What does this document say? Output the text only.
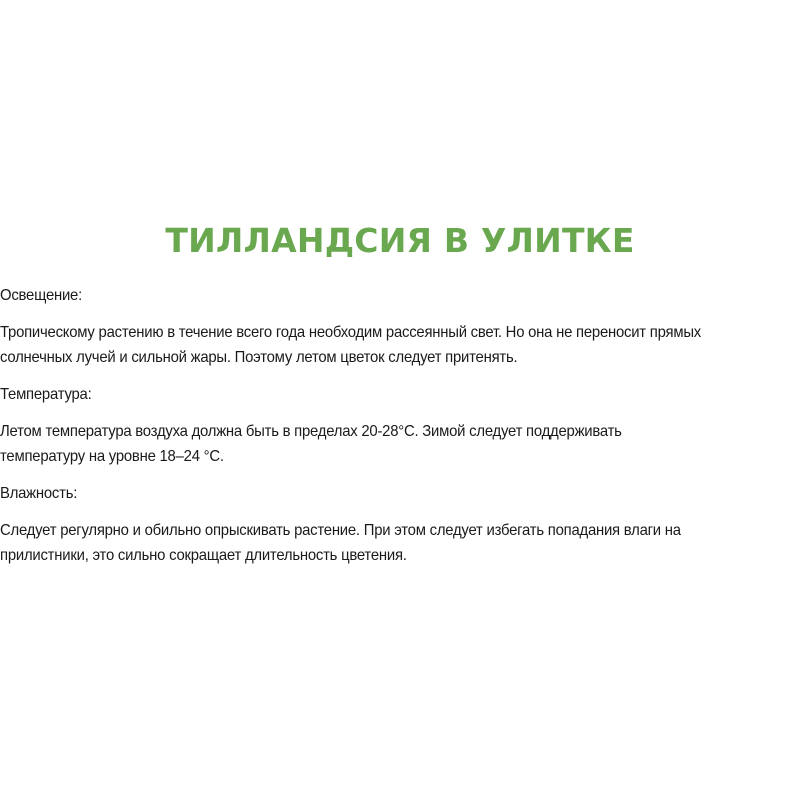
ТИЛЛАНДСИЯ В УЛИТКЕ

Освещение:

Тропическому растению в течение всего года необходим рассеянный свет. Но она не переносит прямых
солнечных лучей и сильной жары. Поэтому летом цветок следует притенять.

Температура:

Летом температура воздуха должна быть в пределах 20-28°С. Зимой следует поддерживать
температуру на уровне 18–24 °С.

Влажность:

Следует регулярно и обильно опрыскивать растение. При этом следует избегать попадания влаги на
прилистники, это сильно сокращает длительность цветения.
